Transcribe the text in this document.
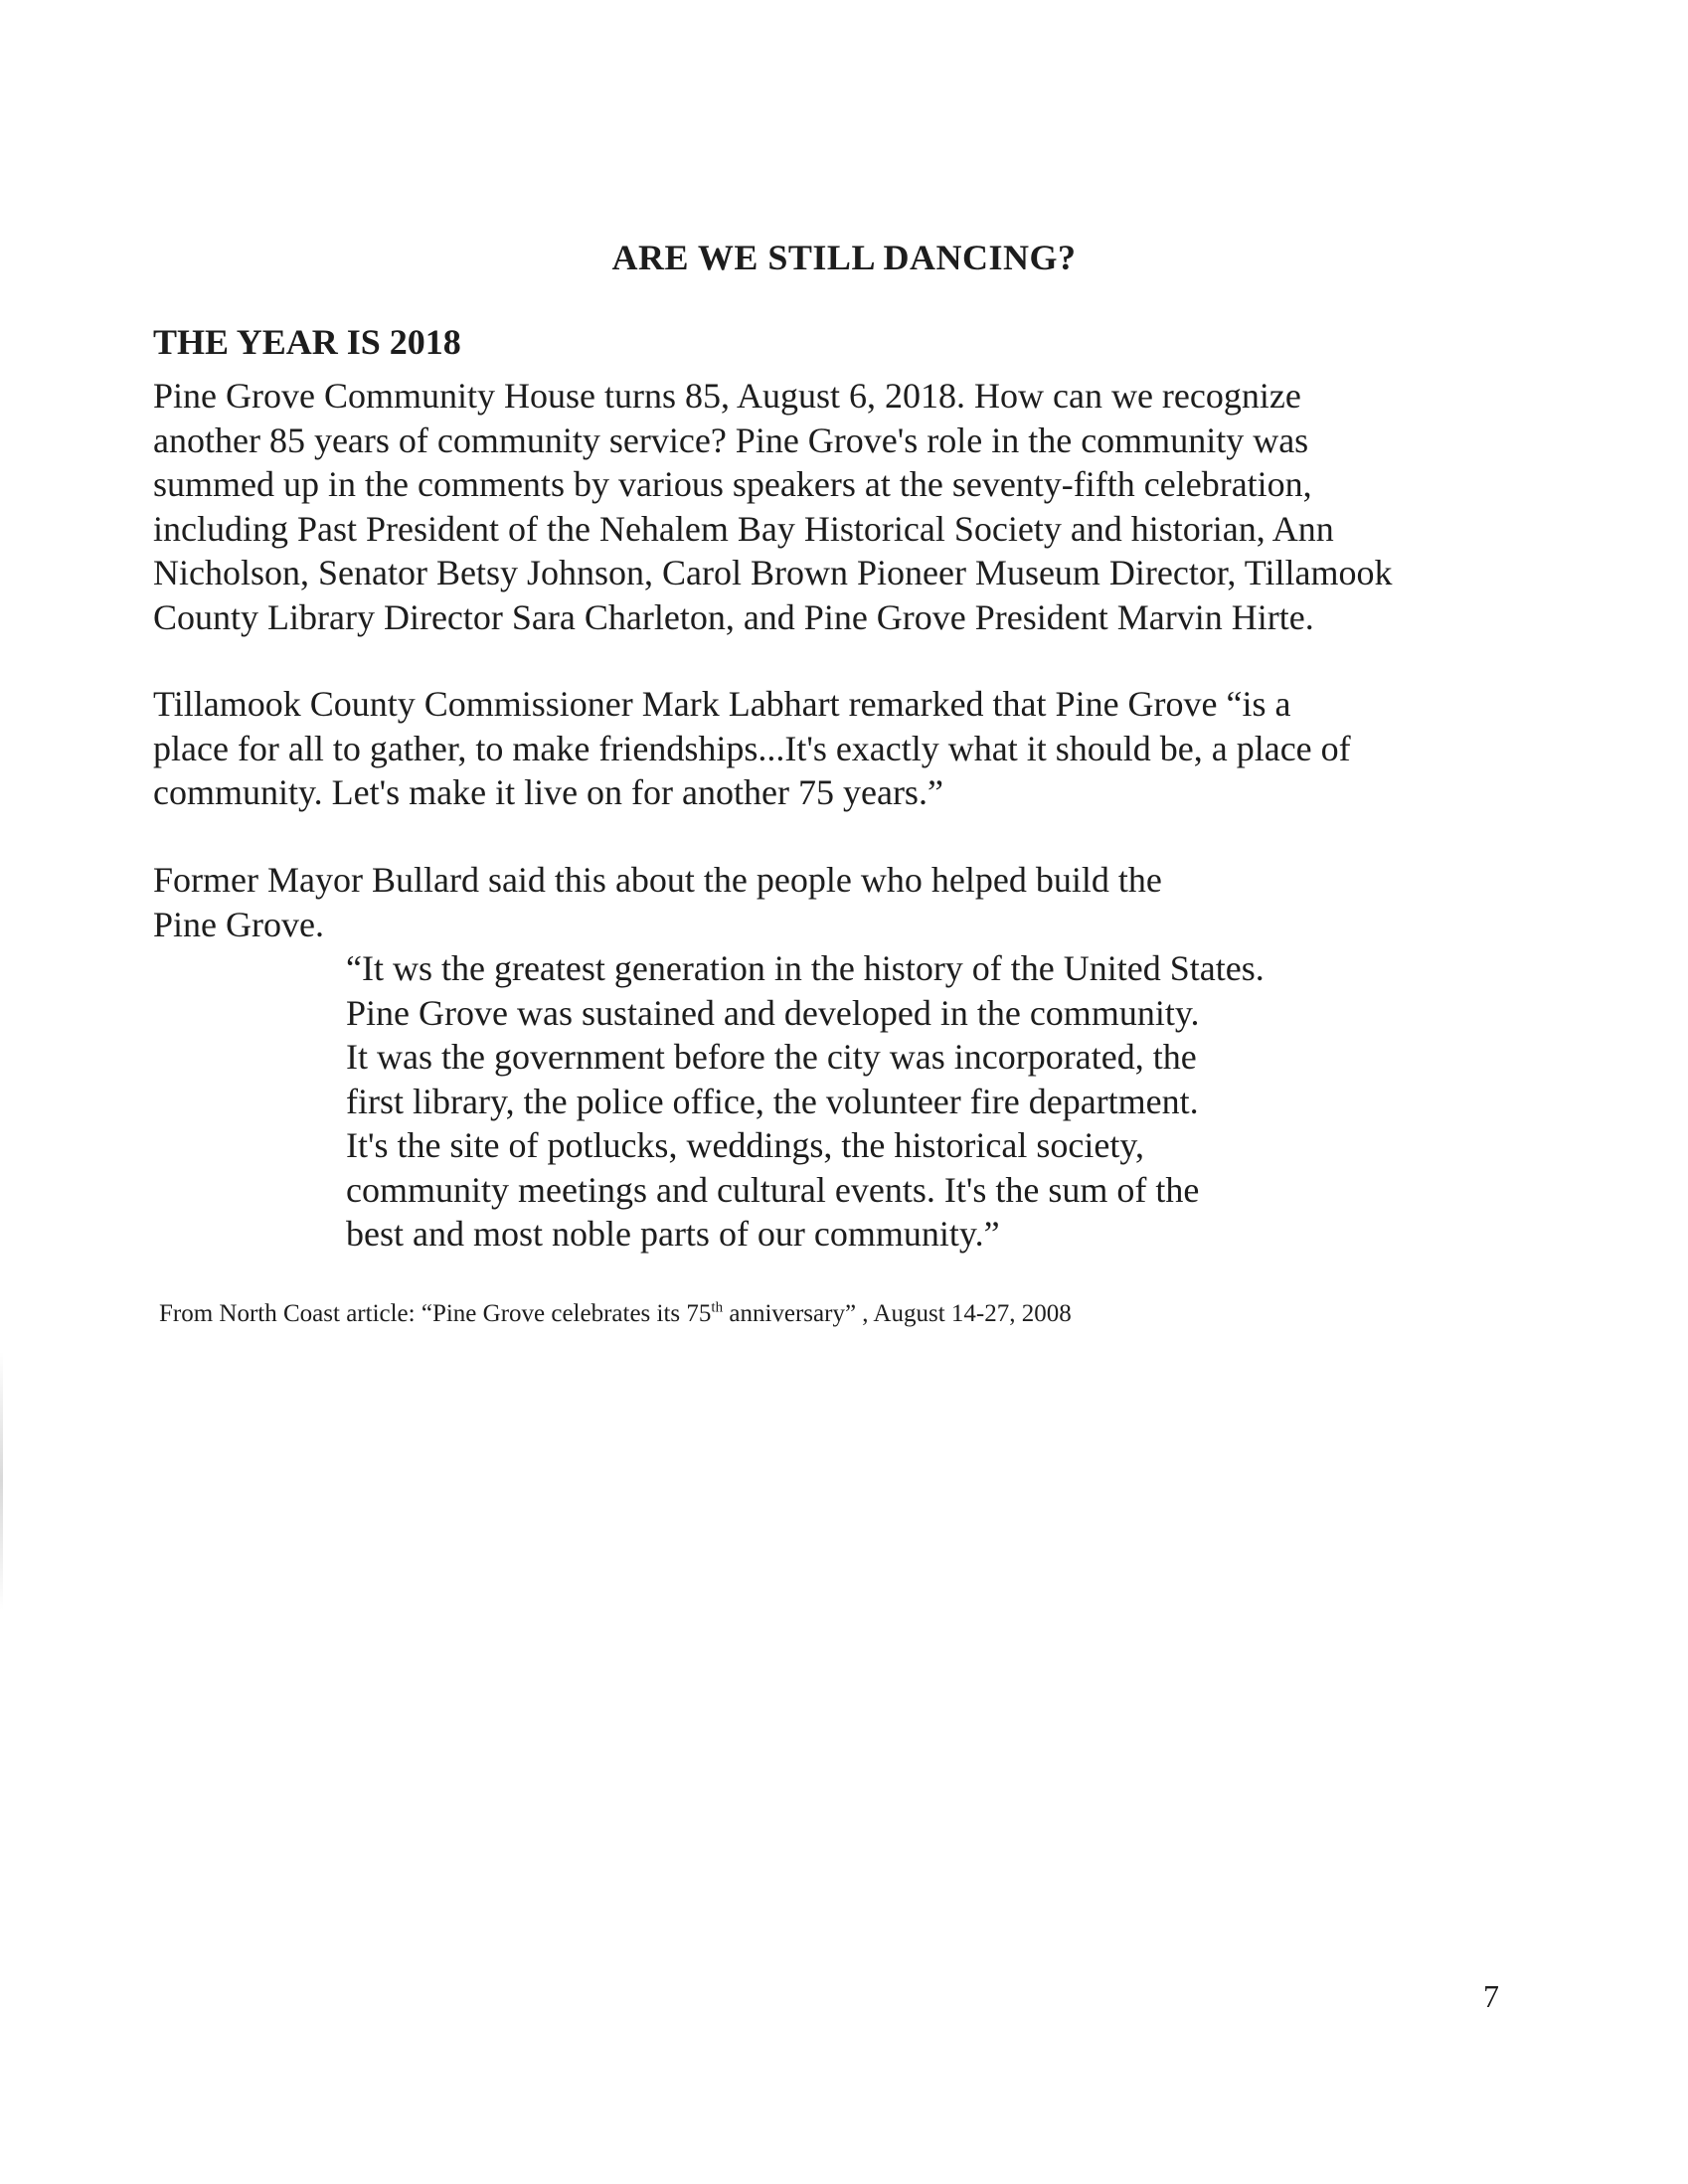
ARE WE STILL DANCING?
THE YEAR IS 2018

Pine Grove Community House turns 85, August 6, 2018. How can we recognize
another 85 years of community service? Pine Grove's role in the community was
summed up in the comments by various speakers at the seventy-fifth celebration,
including Past President of the Nehalem Bay Historical Society and historian, Ann
Nicholson, Senator Betsy Johnson, Carol Brown Pioneer Museum Director, Tillamook
County Library Director Sara Charleton, and Pine Grove President Marvin Hirte.

Tillamook County Commissioner Mark Labhart remarked that Pine Grove “is a
place for all to gather, to make friendships...It's exactly what it should be, a place of
community. Let's make it live on for another 75 years.”

Former Mayor Bullard said this about the people who helped build the
Pine Grove.

“It ws the greatest generation in the history of the United States.
Pine Grove was sustained and developed in the community.
It was the government before the city was incorporated, the
first library, the police office, the volunteer fire department.
It's the site of potlucks, weddings, the historical society,
community meetings and cultural events. It's the sum of the
best and most noble parts of our community.”

From North Coast article: “Pine Grove celebrates its 75th anniversary” , August 14-27, 2008
7
